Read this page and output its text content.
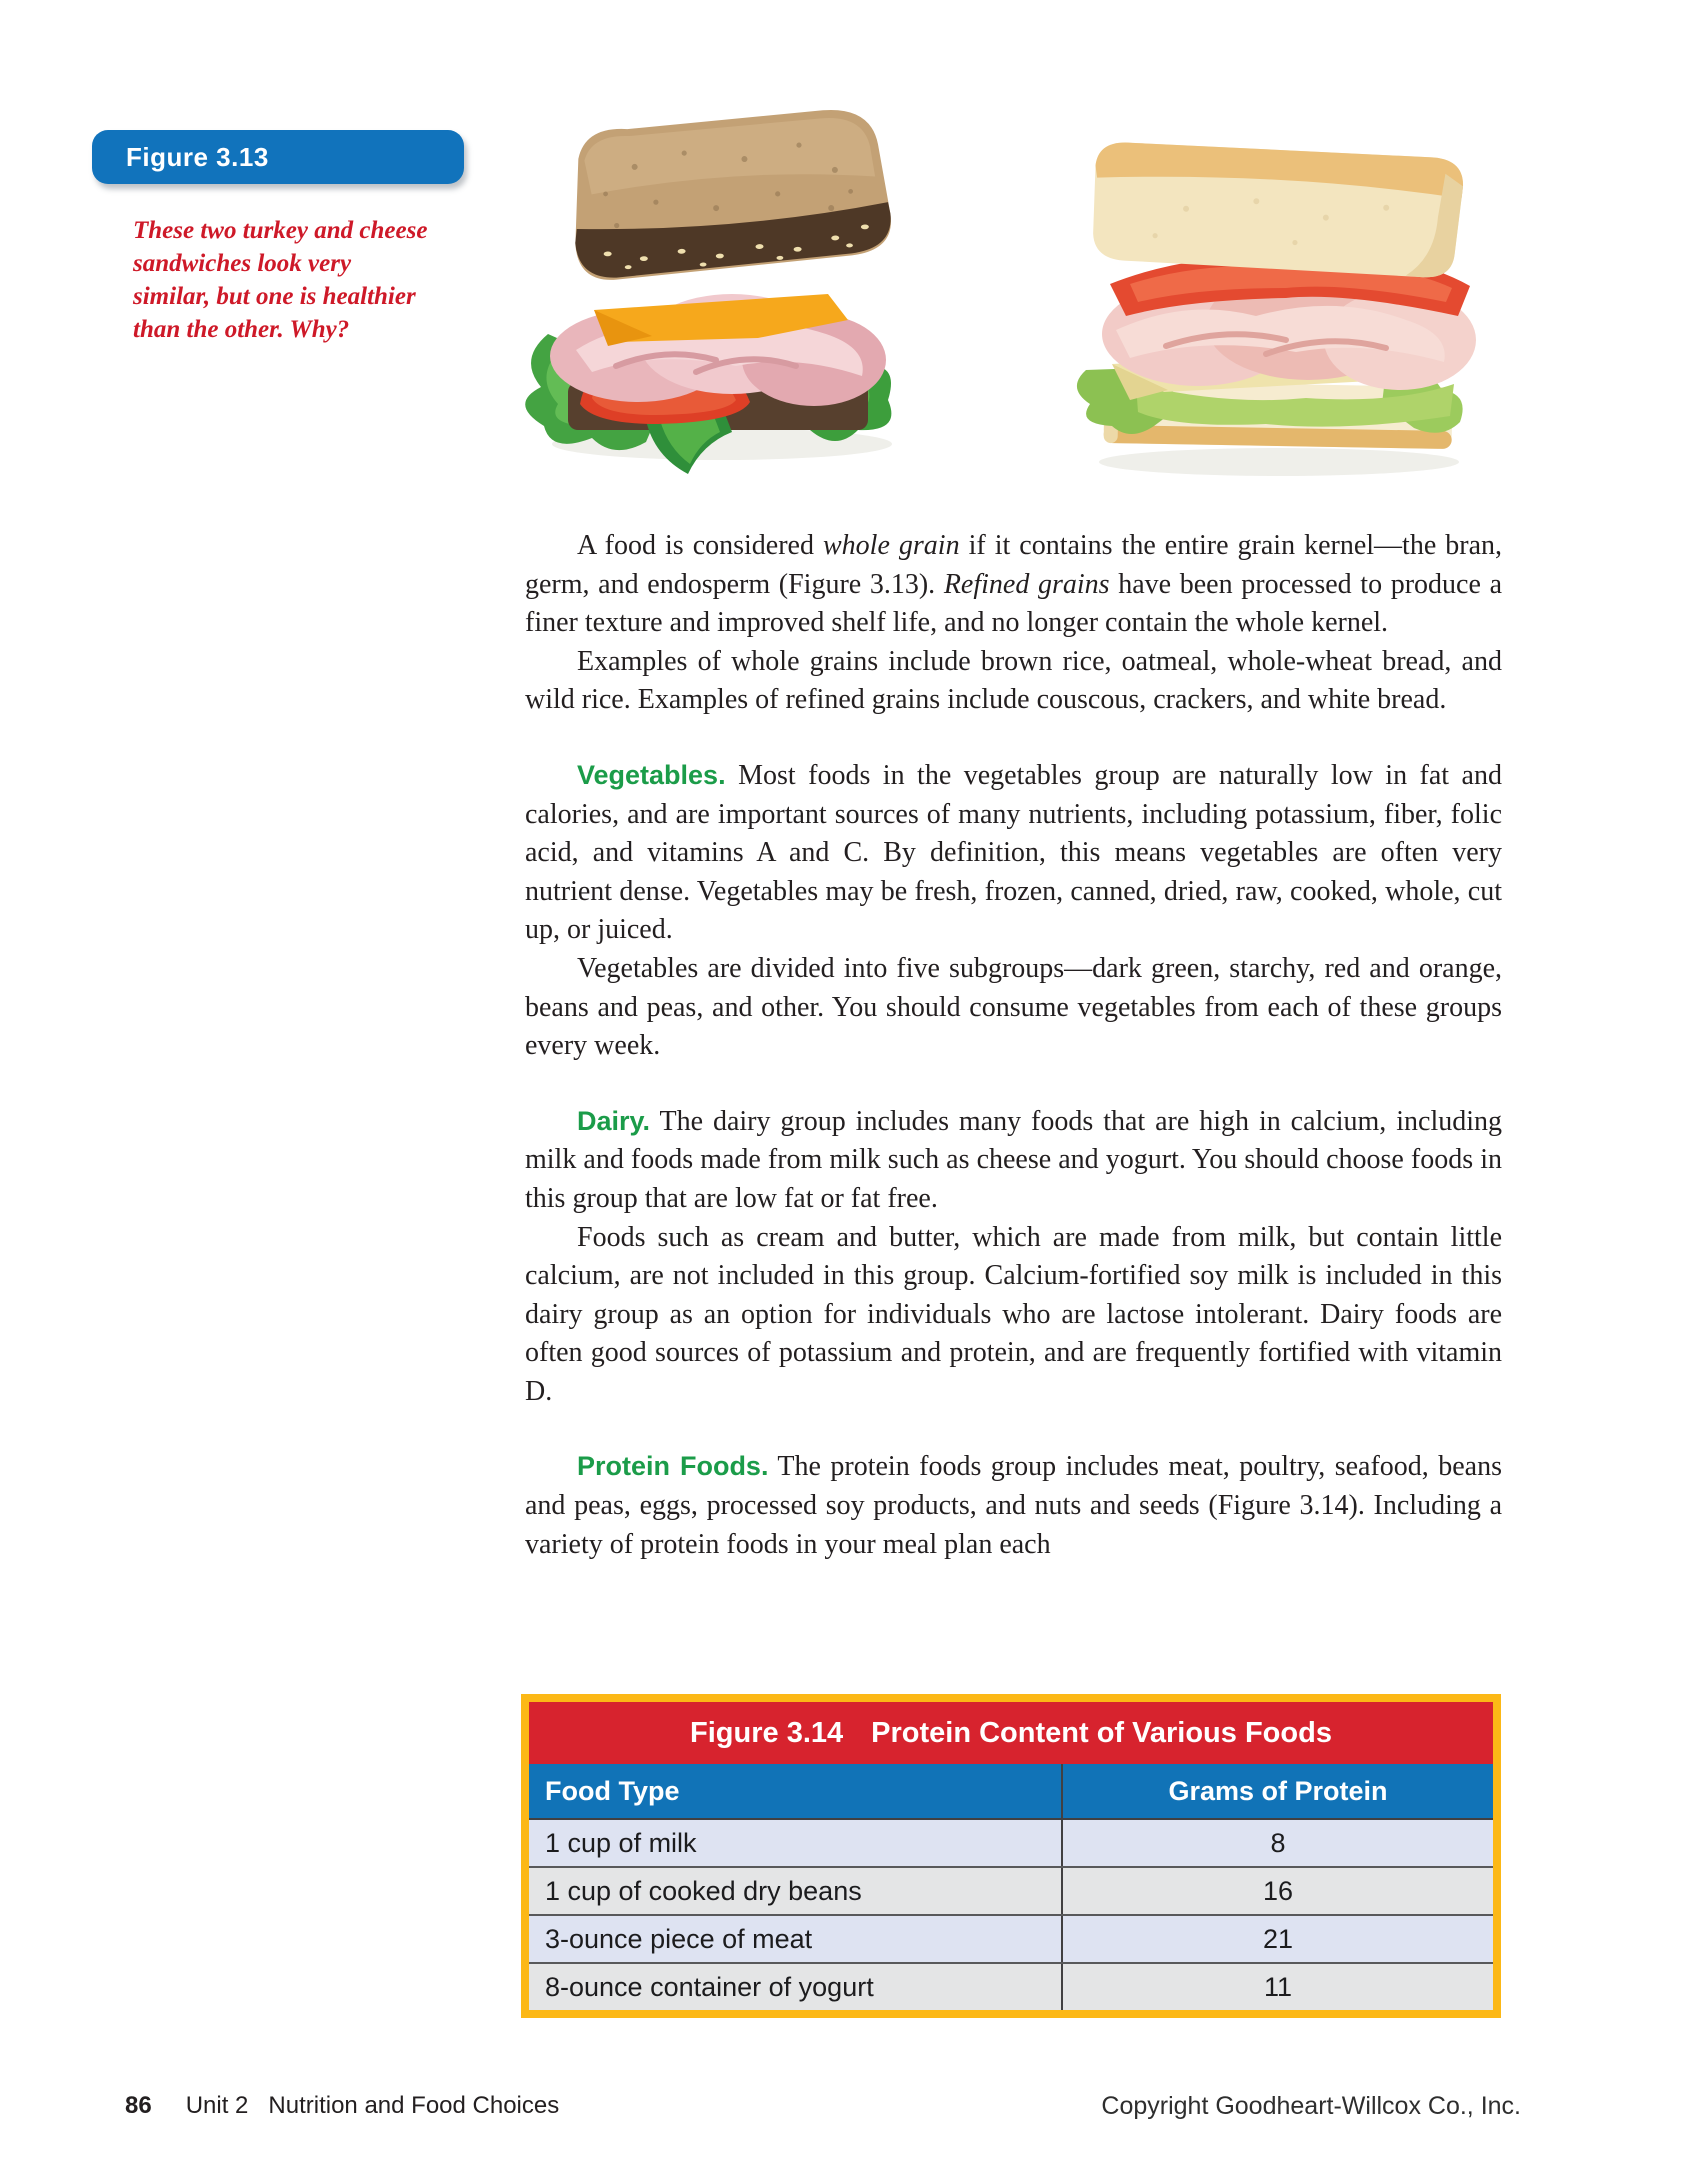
Figure 3.13
These two turkey and cheese
sandwiches look very
similar, but one is healthier
than the other. Why?

A food is considered whole grain if it contains the entire grain kernel—the bran, germ, and endosperm (Figure 3.13). Refined grains have been processed to produce a finer texture and improved shelf life, and no longer contain the whole kernel.

Examples of whole grains include brown rice, oatmeal, whole-wheat bread, and wild rice. Examples of refined grains include couscous, crackers, and white bread.

Vegetables. Most foods in the vegetables group are naturally low in fat and calories, and are important sources of many nutrients, including potassium, fiber, folic acid, and vitamins A and C. By definition, this means vegetables are often very nutrient dense. Vegetables may be fresh, frozen, canned, dried, raw, cooked, whole, cut up, or juiced.

Vegetables are divided into five subgroups—dark green, starchy, red and orange, beans and peas, and other. You should consume vegetables from each of these groups every week.

Dairy. The dairy group includes many foods that are high in calcium, including milk and foods made from milk such as cheese and yogurt. You should choose foods in this group that are low fat or fat free.

Foods such as cream and butter, which are made from milk, but contain little calcium, are not included in this group. Calcium-fortified soy milk is included in this dairy group as an option for individuals who are lactose intolerant. Dairy foods are often good sources of potassium and protein, and are frequently fortified with vitamin D.

Protein Foods. The protein foods group includes meat, poultry, seafood, beans and peas, eggs, processed soy products, and nuts and seeds (Figure 3.14). Including a variety of protein foods in your meal plan each

Figure 3.14 Protein Content of Various Foods
Food Type	Grams of Protein
1 cup of milk	8
1 cup of cooked dry beans	16
3-ounce piece of meat	21
8-ounce container of yogurt	11
86 Unit 2 Nutrition and Food Choices	Copyright Goodheart-Willcox Co., Inc.
